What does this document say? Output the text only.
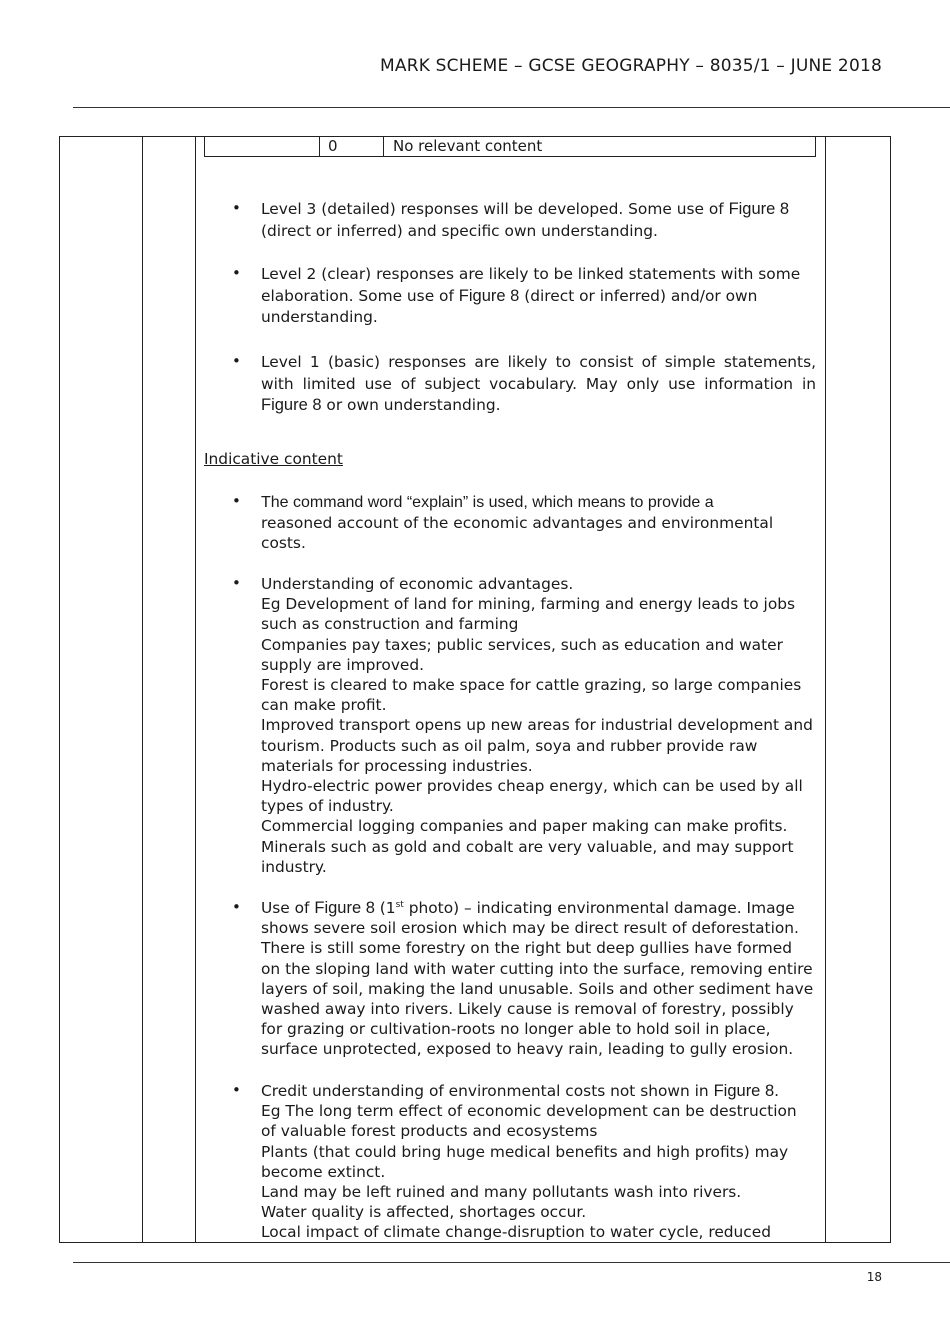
MARK SCHEME – GCSE GEOGRAPHY – 8035/1 – JUNE 2018
0	No relevant content
• Level 3 (detailed) responses will be developed. Some use of Figure 8 (direct or inferred) and specific own understanding.
• Level 2 (clear) responses are likely to be linked statements with some elaboration. Some use of Figure 8 (direct or inferred) and/or own understanding.
• Level 1 (basic) responses are likely to consist of simple statements, with limited use of subject vocabulary. May only use information in Figure 8 or own understanding.
Indicative content
• The command word “explain” is used, which means to provide a
reasoned account of the economic advantages and environmental costs.
• Understanding of economic advantages.
Eg Development of land for mining, farming and energy leads to jobs such as construction and farming
Companies pay taxes; public services, such as education and water supply are improved.
Forest is cleared to make space for cattle grazing, so large companies can make profit.
Improved transport opens up new areas for industrial development and tourism. Products such as oil palm, soya and rubber provide raw materials for processing industries.
Hydro-electric power provides cheap energy, which can be used by all types of industry.
Commercial logging companies and paper making can make profits.
Minerals such as gold and cobalt are very valuable, and may support industry.
• Use of Figure 8 (1st photo) – indicating environmental damage. Image shows severe soil erosion which may be direct result of deforestation. There is still some forestry on the right but deep gullies have formed on the sloping land with water cutting into the surface, removing entire layers of soil, making the land unusable. Soils and other sediment have washed away into rivers. Likely cause is removal of forestry, possibly for grazing or cultivation-roots no longer able to hold soil in place, surface unprotected, exposed to heavy rain, leading to gully erosion.
• Credit understanding of environmental costs not shown in Figure 8.
Eg The long term effect of economic development can be destruction of valuable forest products and ecosystems
Plants (that could bring huge medical benefits and high profits) may become extinct.
Land may be left ruined and many pollutants wash into rivers.
Water quality is affected, shortages occur.
Local impact of climate change-disruption to water cycle, reduced
18
